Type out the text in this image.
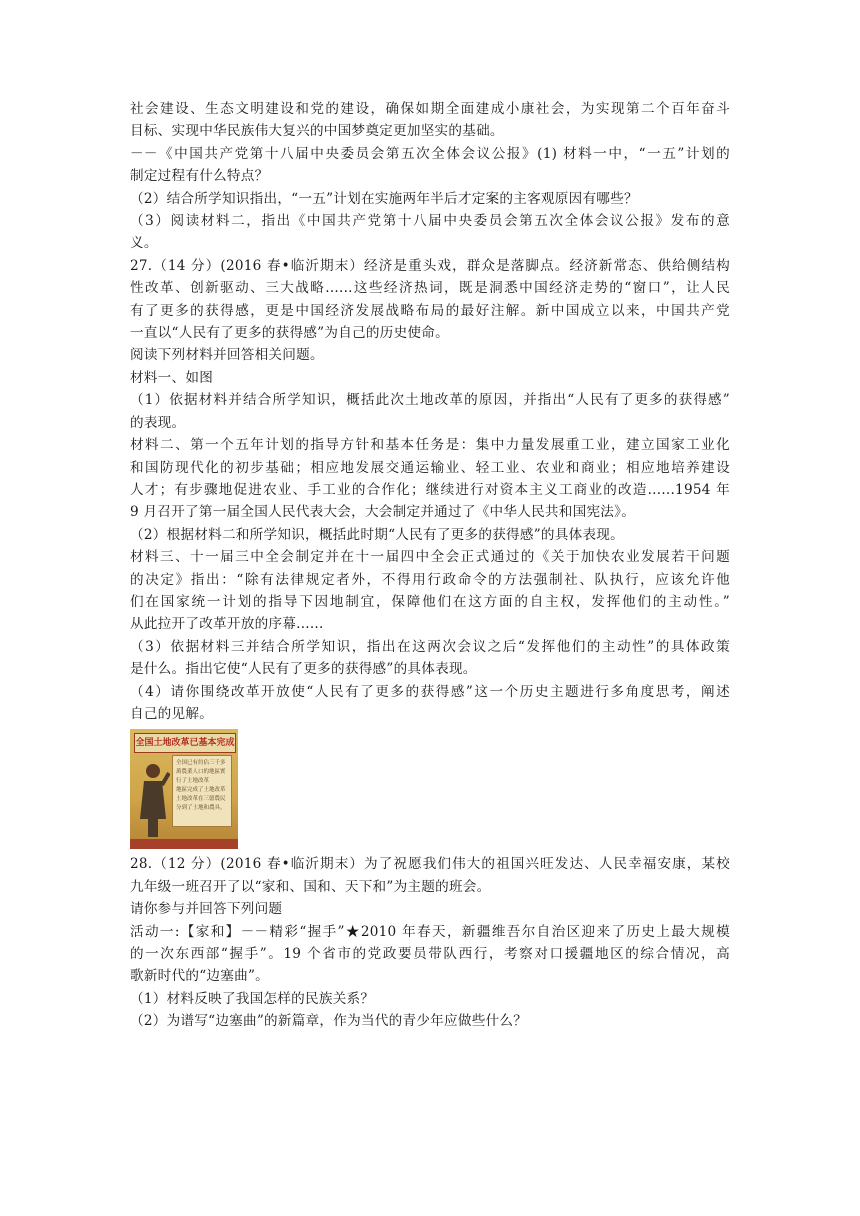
社会建设、生态文明建设和党的建设，确保如期全面建成小康社会，为实现第二个百年奋斗

目标、实现中华民族伟大复兴的中国梦奠定更加坚实的基础。

－－《中国共产党第十八届中央委员会第五次全体会议公报》(1) 材料一中，“一五”计划的

制定过程有什么特点？

（2）结合所学知识指出，“一五”计划在实施两年半后才定案的主客观原因有哪些？

（3）阅读材料二，指出《中国共产党第十八届中央委员会第五次全体会议公报》发布的意

义。

27.（14 分）(2016 春•临沂期末）经济是重头戏，群众是落脚点。经济新常态、供给侧结构

性改革、创新驱动、三大战略......这些经济热词，既是洞悉中国经济走势的“窗口”，让人民

有了更多的获得感，更是中国经济发展战略布局的最好注解。新中国成立以来，中国共产党

一直以“人民有了更多的获得感”为自己的历史使命。

阅读下列材料并回答相关问题。

材料一、如图

（1）依据材料并结合所学知识，概括此次土地改革的原因，并指出“人民有了更多的获得感”

的表现。

材料二、第一个五年计划的指导方针和基本任务是：集中力量发展重工业，建立国家工业化

和国防现代化的初步基础；相应地发展交通运输业、轻工业、农业和商业；相应地培养建设

人才；有步骤地促进农业、手工业的合作化；继续进行对资本主义工商业的改造......1954 年

9 月召开了第一届全国人民代表大会，大会制定并通过了《中华人民共和国宪法》。

（2）根据材料二和所学知识，概括此时期“人民有了更多的获得感”的具体表现。

材料三、十一届三中全会制定并在十一届四中全会正式通过的《关于加快农业发展若干问题

的决定》指出：“除有法律规定者外，不得用行政命令的方法强制社、队执行，应该允许他

们在国家统一计划的指导下因地制宜，保障他们在这方面的自主权，发挥他们的主动性。”

从此拉开了改革开放的序幕......

（3）依据材料三并结合所学知识，指出在这两次会议之后“发挥他们的主动性”的具体政策

是什么。指出它使“人民有了更多的获得感”的具体表现。

（4）请你围绕改革开放使“人民有了更多的获得感”这一个历史主题进行多角度思考，阐述

自己的见解。

全国土地改革已基本完成
全国已有約佔三千多
萬農業人口的地區實
行了土地改革
地區完成了土地改革
土地改革在三億農民
分到了土地和農具。

28.（12 分）(2016 春•临沂期末）为了祝愿我们伟大的祖国兴旺发达、人民幸福安康，某校

九年级一班召开了以“家和、国和、天下和”为主题的班会。

请你参与并回答下列问题

活动一:【家和】－－精彩“握手”★2010 年春天，新疆维吾尔自治区迎来了历史上最大规模

的一次东西部“握手”。19 个省市的党政要员带队西行，考察对口援疆地区的综合情况，高

歌新时代的“边塞曲”。

（1）材料反映了我国怎样的民族关系？

（2）为谱写“边塞曲”的新篇章，作为当代的青少年应做些什么？
